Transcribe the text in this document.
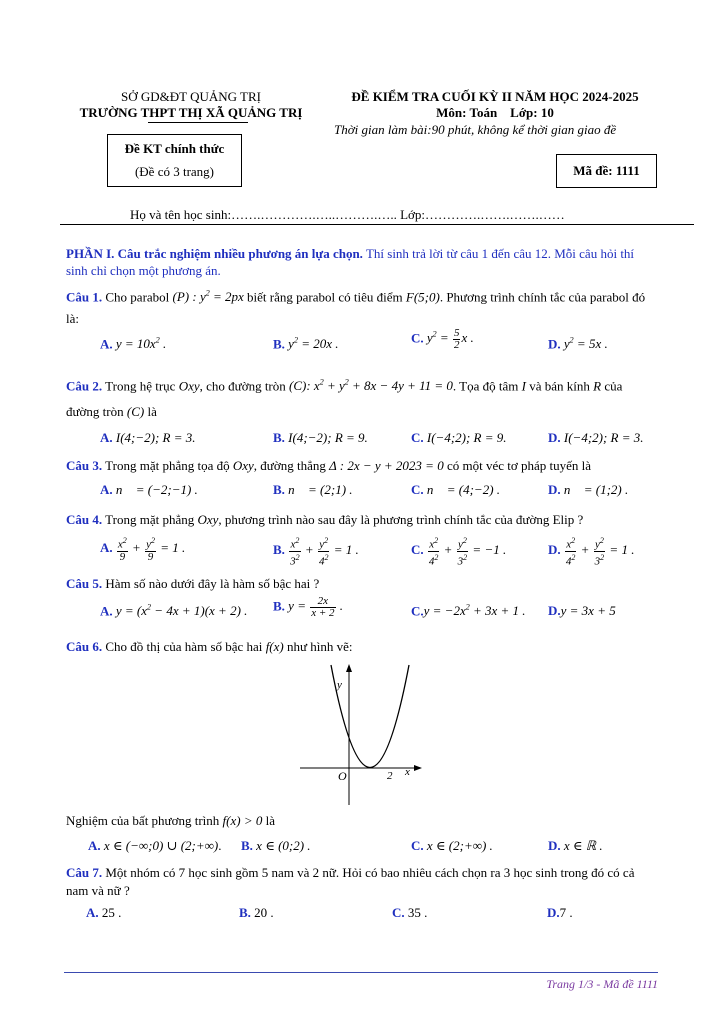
SỞ GD&ĐT QUẢNG TRỊ
TRƯỜNG THPT THỊ XÃ QUẢNG TRỊ
ĐỀ KIỂM TRA CUỐI KỲ II NĂM HỌC 2024-2025
Môn: Toán    Lớp: 10
Thời gian làm bài:90 phút, không kể thời gian giao đề
Đề KT chính thức
(Đề có 3 trang)	Mã đề: 1111
Họ và tên học sinh:…….………….…..……….….. Lớp:………….…….…….……
PHẦN I. Câu trắc nghiệm nhiều phương án lựa chọn. Thí sinh trả lời từ câu 1 đến câu 12. Mỗi câu hỏi thí sinh chỉ chọn một phương án.
Câu 1. Cho parabol (P) : $y^2 = 2px$ biết rằng parabol có tiêu điểm F(5;0). Phương trình chính tắc của parabol đó là:
A. $y = 10x^2$ .	B. $y^2 = 20x$ .	C. $y^2 = \frac{5}{2}$ x .	D. $y^2 = 5x$ .
Câu 2. Trong hệ trục Oxy, cho đường tròn (C): $x^2 + y^2 + 8x - 4y + 11 = 0$. Tọa độ tâm I và bán kính R của đường tròn (C) là
A. I(4;−2); R = 3.	B. I(4;−2); R = 9.	C. I(−4;2); R = 9.	D. I(−4;2); R = 3.
Câu 3. Trong mặt phẳng tọa độ Oxy, đường thẳng Δ : 2x − y + 2023 = 0 có một véc tơ pháp tuyến là
A. n⃗ = (−2;−1) .	B. n⃗ = (2;1) .	C. n⃗ = (4;−2) .	D. n⃗ = (1;2) .
Câu 4. Trong mặt phẳng Oxy, phương trình nào sau đây là phương trình chính tắc của đường Elip ?
A. $\frac{x^2}{9} + \frac{y^2}{9} = 1$ .	B. $\frac{x^2}{3^2} + \frac{y^2}{4^2} = 1$ .	C. $\frac{x^2}{4^2} + \frac{y^2}{3^2} = -1$ .	D. $\frac{x^2}{4^2} + \frac{y^2}{3^2} = 1$ .
Câu 5. Hàm số nào dưới đây là hàm số bậc hai ?
A. $y = (x^2 - 4x + 1)(x + 2)$ . B. $y = \frac{2x}{x + 2}$ .	$C.y = -2x^2 + 3x + 1$ . D.y = 3x + 5
Câu 6. Cho đồ thị của hàm số bậc hai f(x) như hình vẽ:
y
x
O	2
Nghiệm của bất phương trình f(x) > 0 là
A. x ∈ (−∞;0) ∪ (2;+∞). B. x ∈ (0;2) .	C. x ∈ (2;+∞) .	D. x ∈ ℝ .
Câu 7. Một nhóm có 7 học sinh gồm 5 nam và 2 nữ. Hỏi có bao nhiêu cách chọn ra 3 học sinh trong đó có cả nam và nữ ?
A. 25 .	B. 20 .	C. 35 .	D.7 .
Trang 1/3 - Mã đề 1111
